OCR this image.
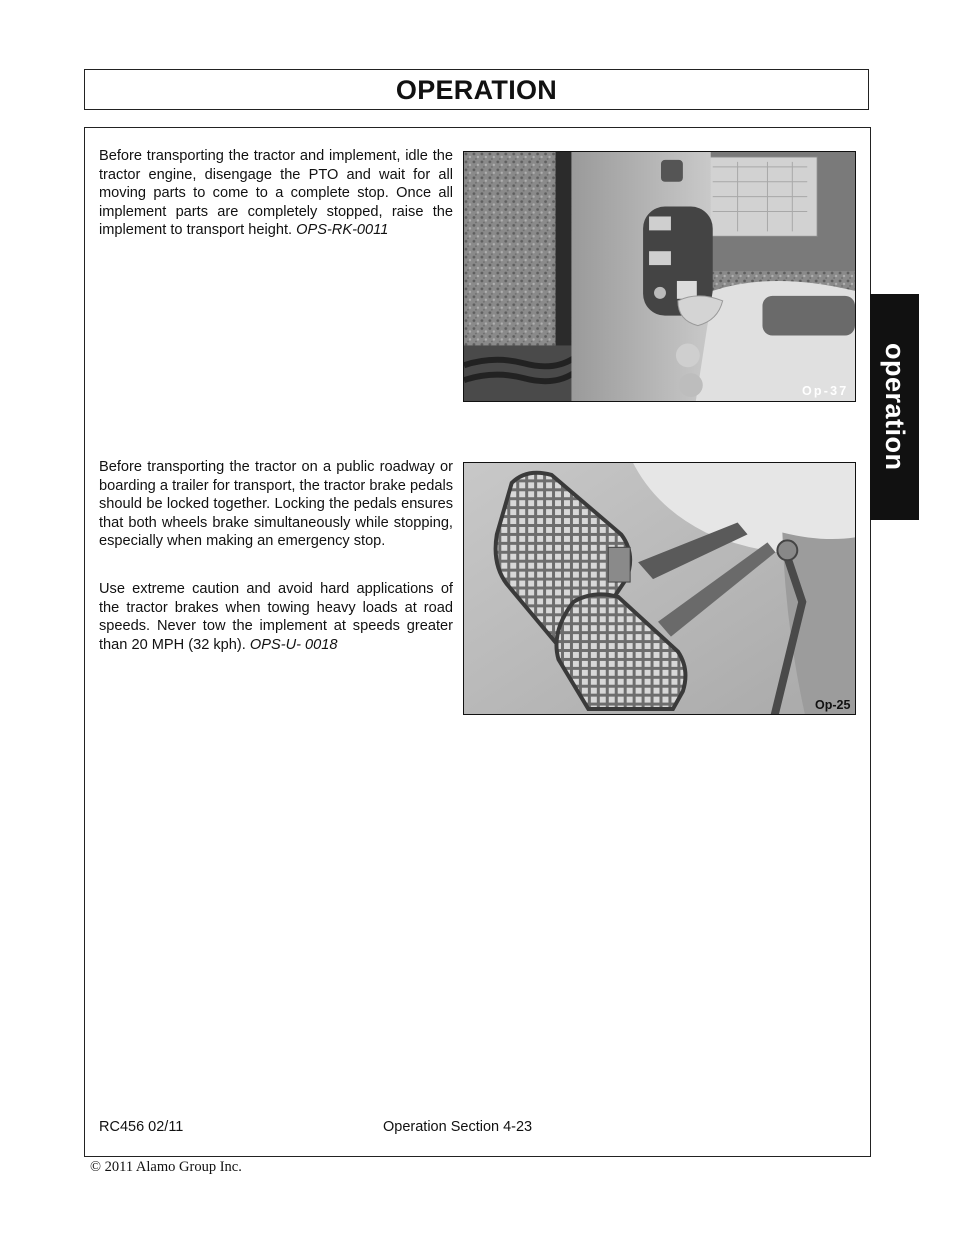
OPERATION
operation

Before transporting the tractor and implement, idle the tractor engine, disengage the PTO and wait for all moving parts to come to a complete stop. Once all implement parts are completely stopped, raise the implement to transport height. OPS-RK-0011

Op-37

Before transporting the tractor on a public roadway or boarding a trailer for transport, the tractor brake pedals should be locked together. Locking the pedals ensures that both wheels brake simultaneously while stopping, especially when making an emergency stop.

Use extreme caution and avoid hard applications of the tractor brakes when towing heavy loads at road speeds. Never tow the implement at speeds greater than 20 MPH (32 kph). OPS-U- 0018

Op-25
RC456 02/11	Operation Section 4-23
© 2011 Alamo Group Inc.
